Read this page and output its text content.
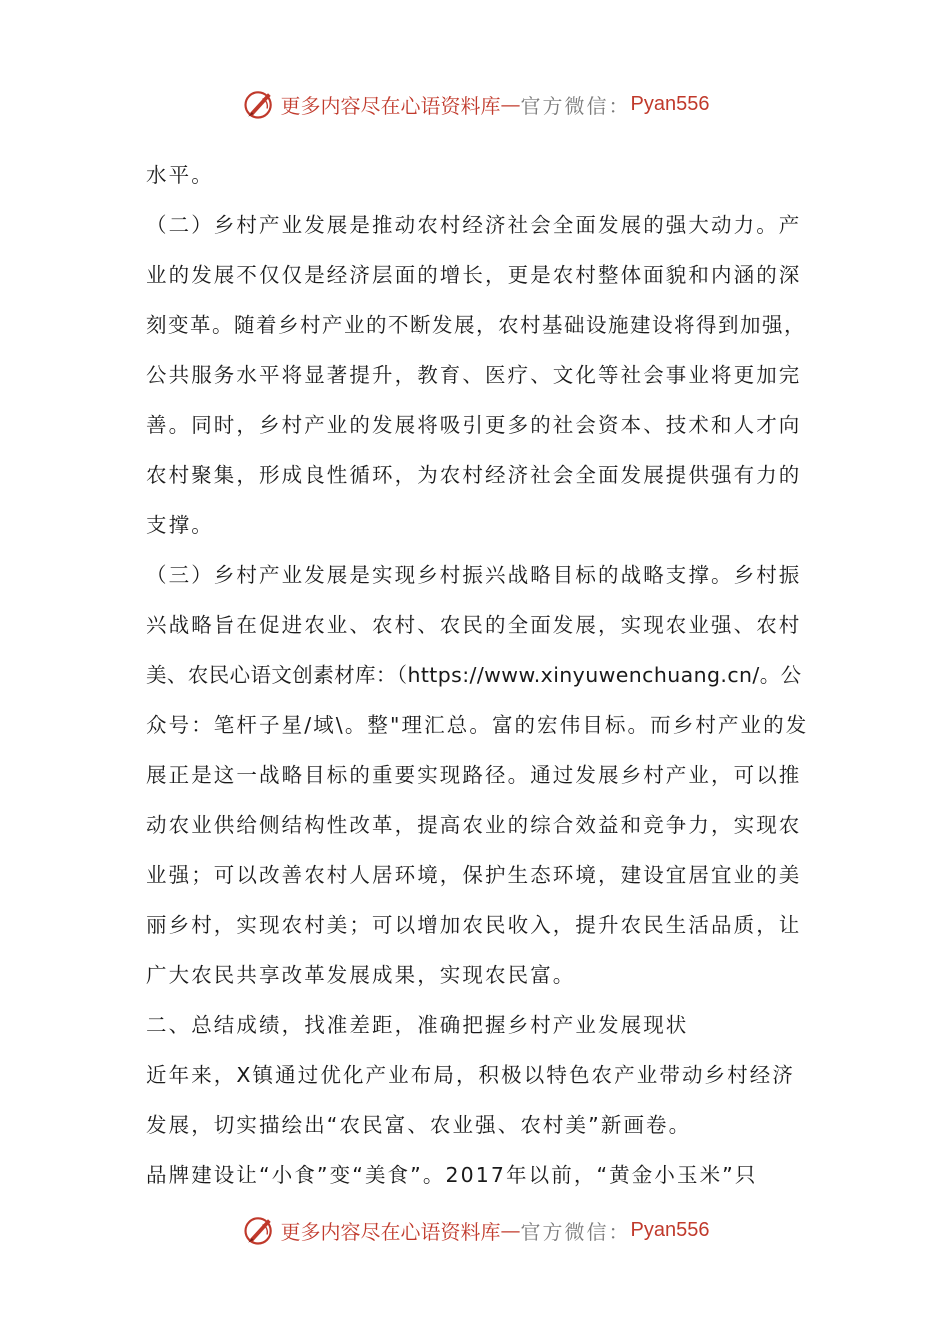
更多内容尽在心语资料库 — 官方微信： Pyan556
水平。
（二）乡村产业发展是推动农村经济社会全面发展的强大动力。产
业的发展不仅仅是经济层面的增长，更是农村整体面貌和内涵的深
刻变革。随着乡村产业的不断发展，农村基础设施建设将得到加强，
公共服务水平将显著提升，教育、医疗、文化等社会事业将更加完
善。同时，乡村产业的发展将吸引更多的社会资本、技术和人才向
农村聚集，形成良性循环，为农村经济社会全面发展提供强有力的
支撑。
（三）乡村产业发展是实现乡村振兴战略目标的战略支撑。乡村振
兴战略旨在促进农业、农村、农民的全面发展，实现农业强、农村
美、农民心语文创素材库：（https://www.xinyuwenchuang.cn/。公
众号：笔杆子星/域\。整"理汇总。富的宏伟目标。而乡村产业的发
展正是这一战略目标的重要实现路径。通过发展乡村产业，可以推
动农业供给侧结构性改革，提高农业的综合效益和竞争力，实现农
业强；可以改善农村人居环境，保护生态环境，建设宜居宜业的美
丽乡村，实现农村美；可以增加农民收入，提升农民生活品质，让
广大农民共享改革发展成果，实现农民富。
二、总结成绩，找准差距，准确把握乡村产业发展现状
近年来，X镇通过优化产业布局，积极以特色农产业带动乡村经济
发展，切实描绘出“农民富、农业强、农村美”新画卷。
品牌建设让“小食”变“美食”。2017年以前，“黄金小玉米”只
更多内容尽在心语资料库 — 官方微信： Pyan556
